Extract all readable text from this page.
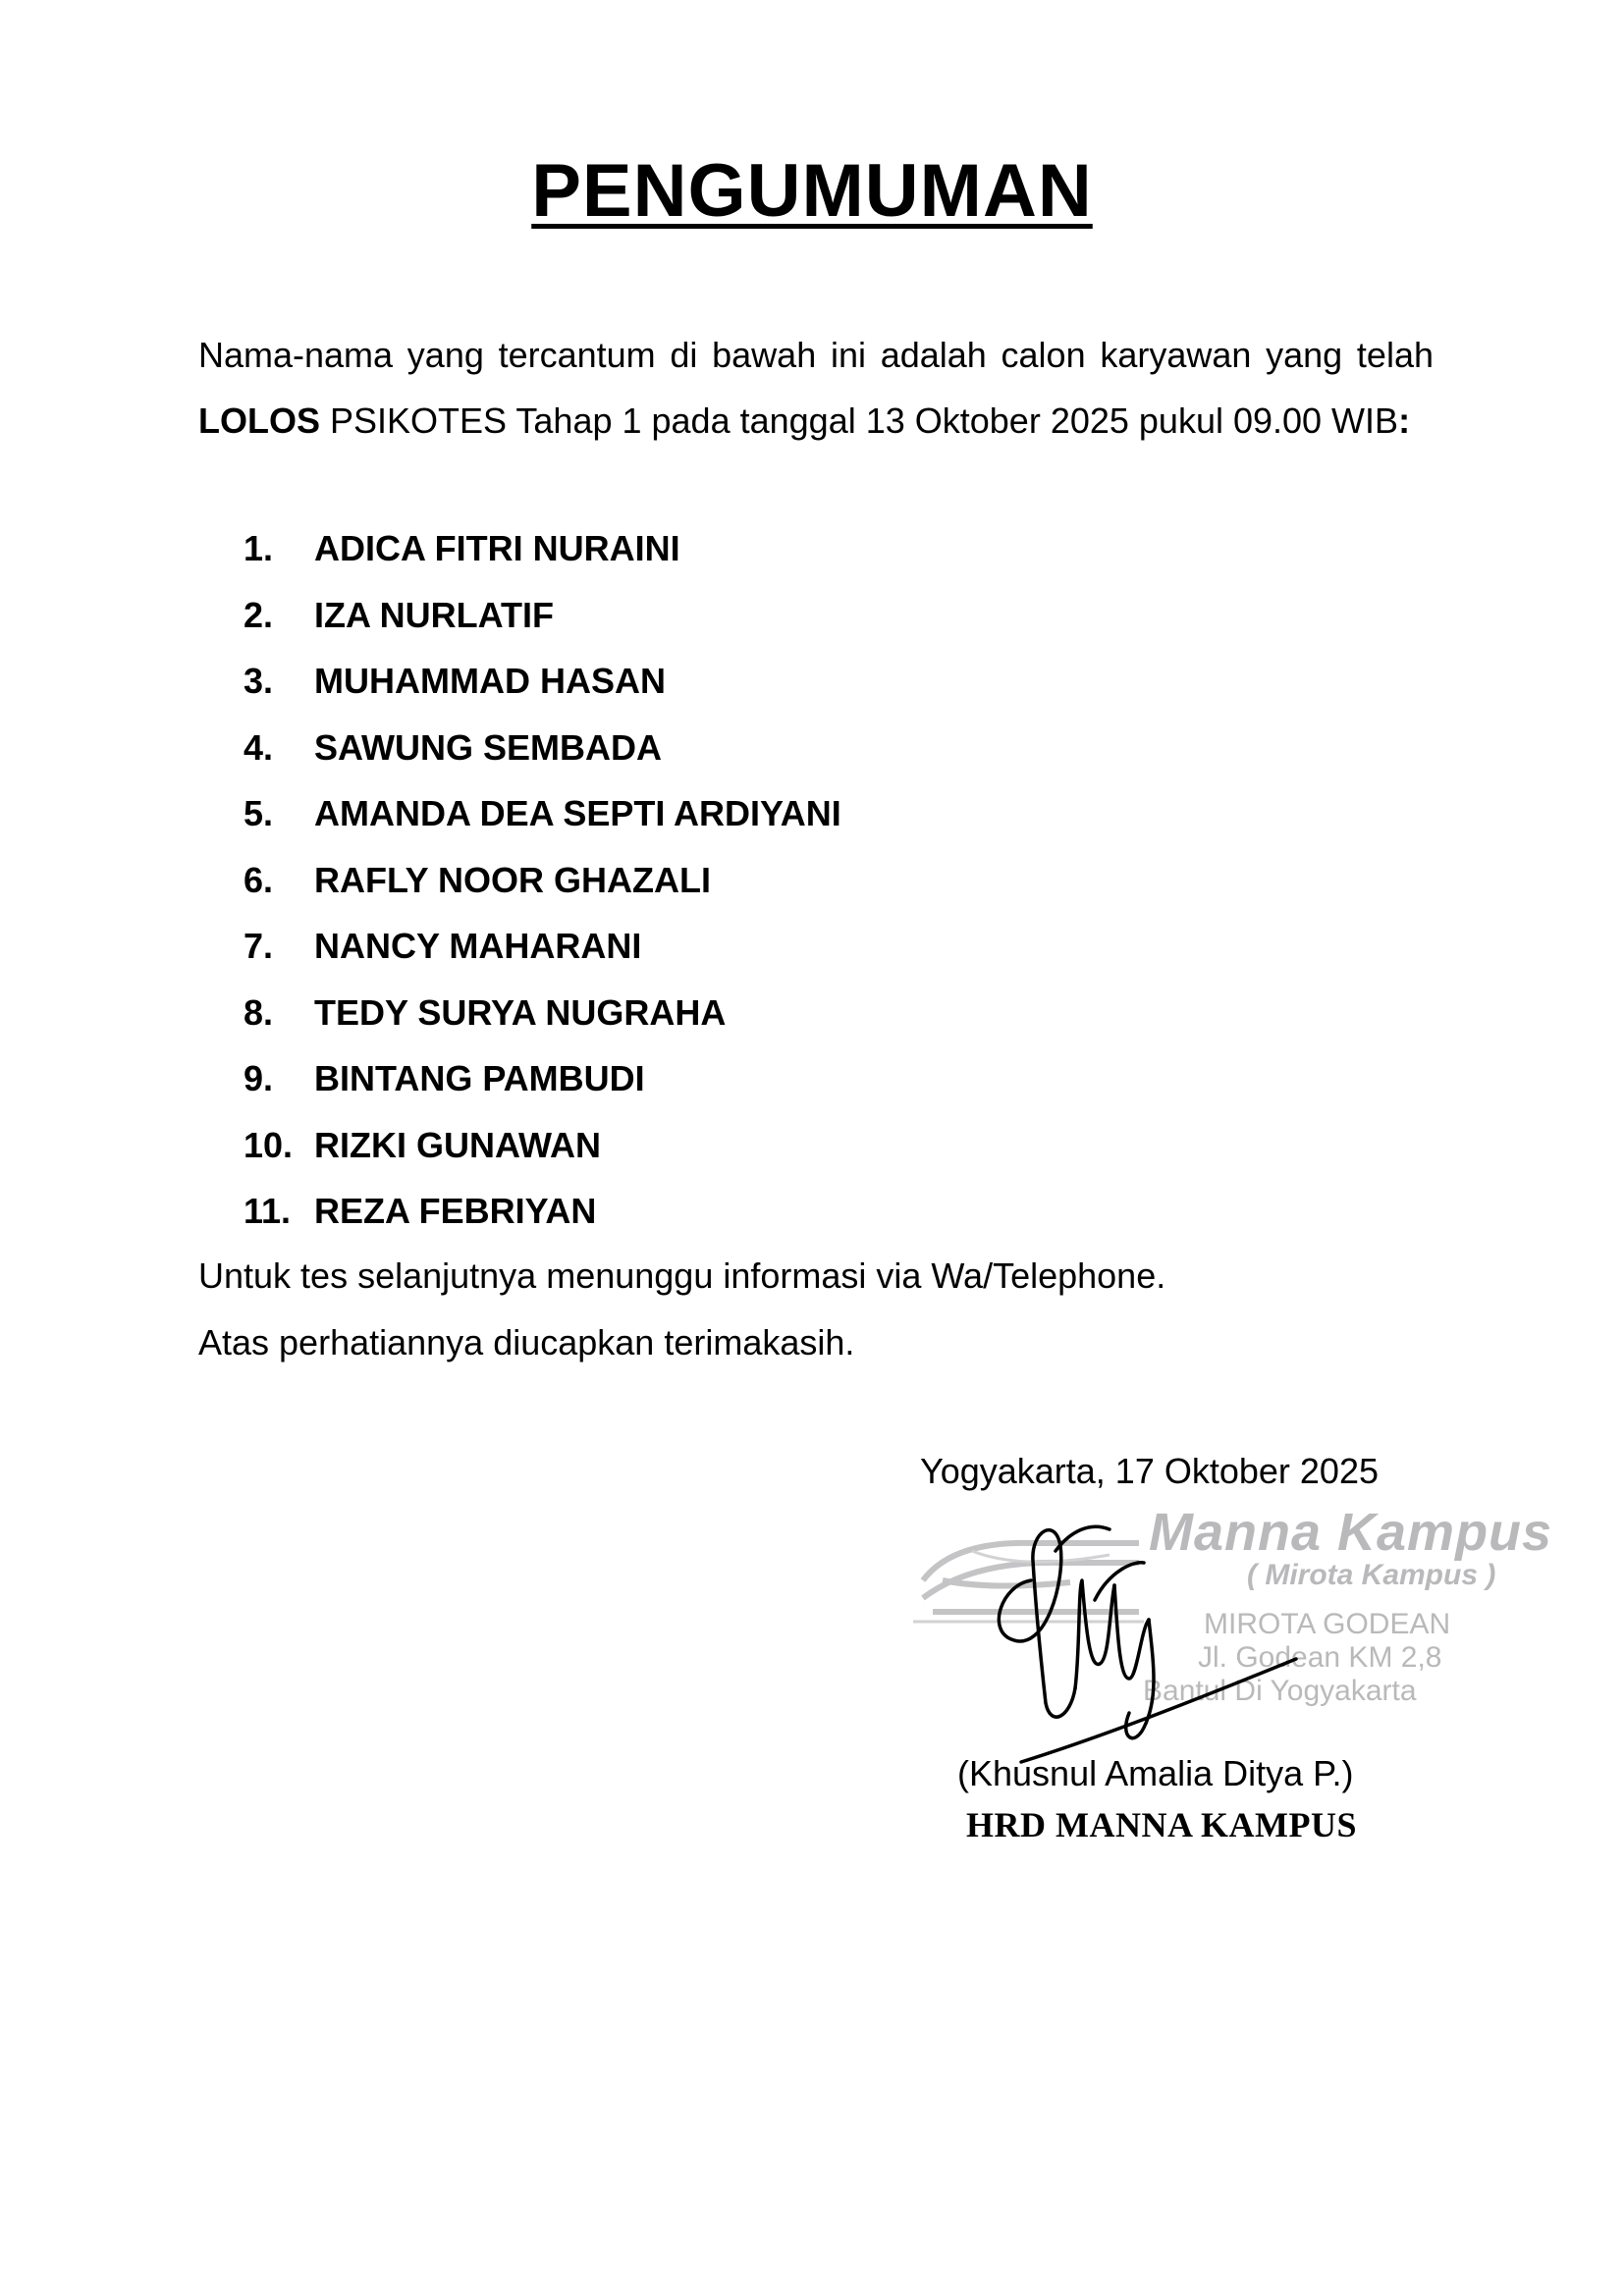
PENGUMUMAN
Nama-nama yang tercantum di bawah ini adalah calon karyawan yang telah LOLOS PSIKOTES Tahap 1 pada tanggal 13 Oktober 2025 pukul 09.00 WIB:
1.	ADICA FITRI NURAINI
2.	IZA NURLATIF
3.	MUHAMMAD HASAN
4.	SAWUNG SEMBADA
5.	AMANDA DEA SEPTI ARDIYANI
6.	RAFLY NOOR GHAZALI
7.	NANCY MAHARANI
8.	TEDY SURYA NUGRAHA
9.	BINTANG PAMBUDI
10. RIZKI GUNAWAN
11. REZA FEBRIYAN
Untuk tes selanjutnya menunggu informasi via Wa/Telephone.
Atas perhatiannya diucapkan terimakasih.
Yogyakarta, 17 Oktober 2025
Manna Kampus
( Mirota Kampus )
MIROTA GODEAN
Jl. Godean KM 2,8
Bantul Di Yogyakarta
(Khusnul Amalia Ditya P.)
HRD MANNA KAMPUS
